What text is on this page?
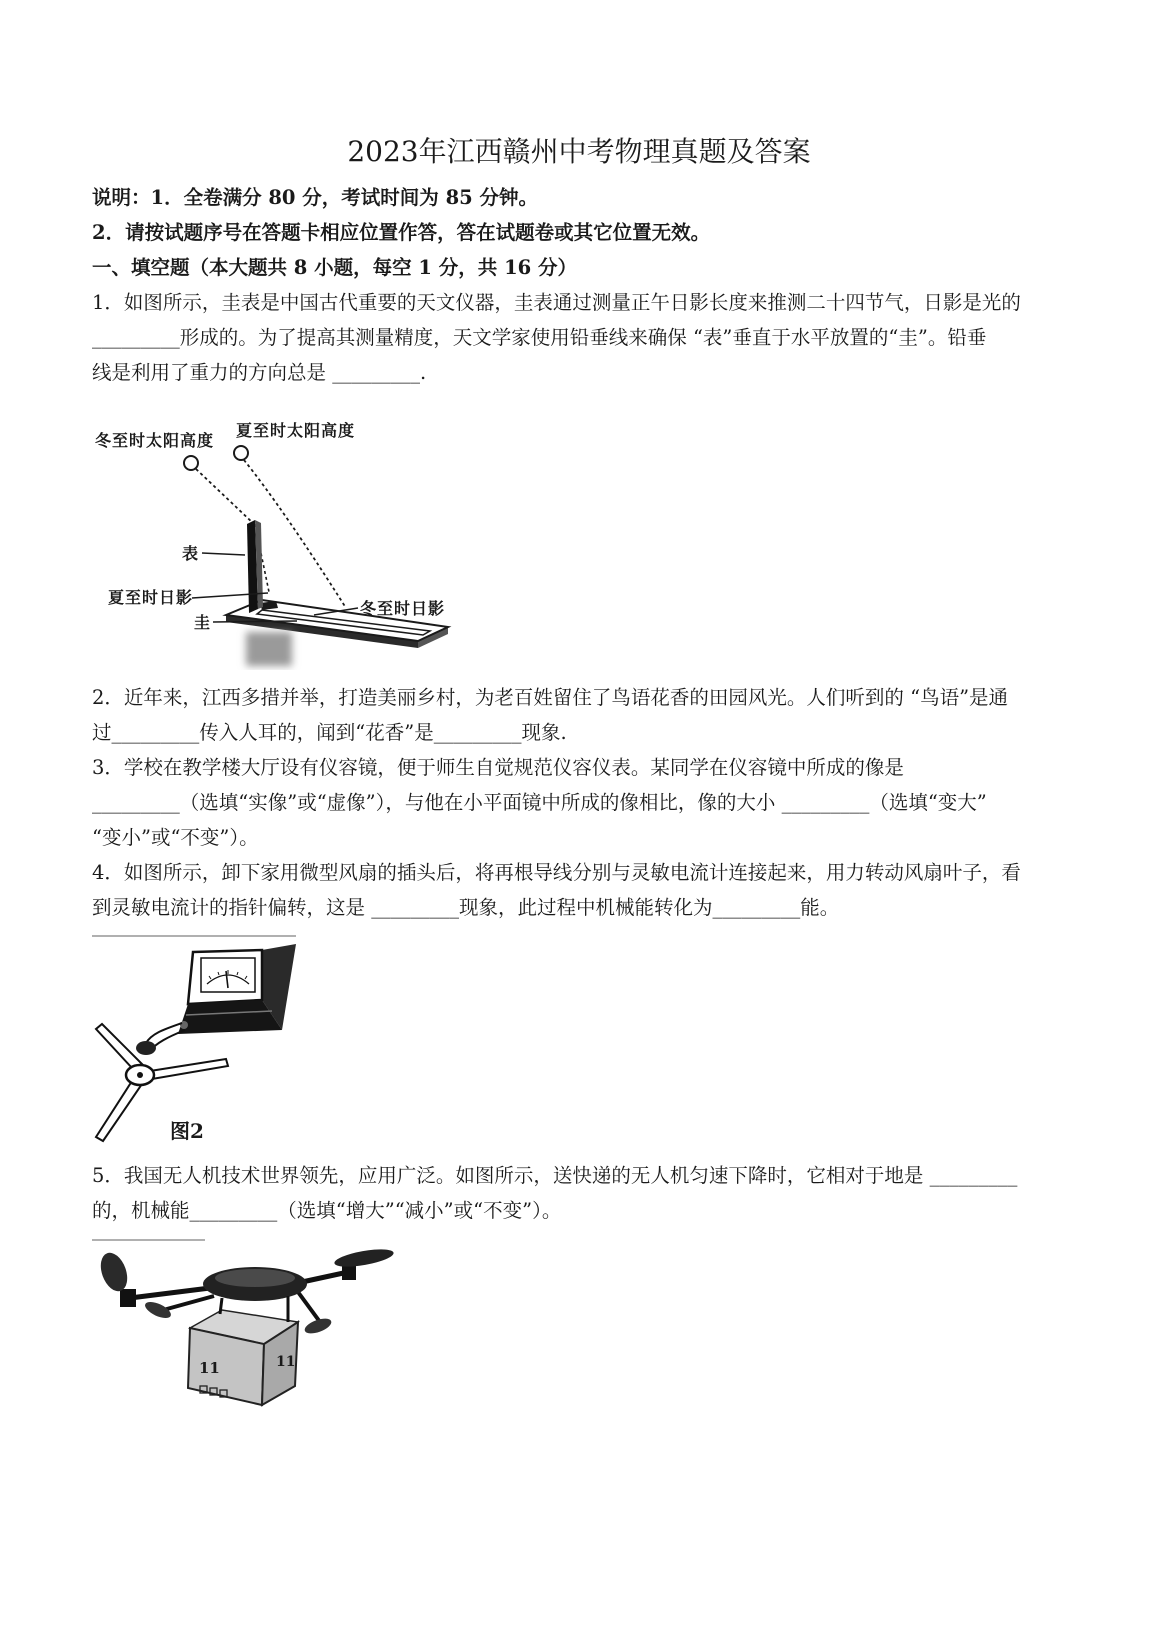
2023年江西赣州中考物理真题及答案
说明：1．全卷满分 80 分，考试时间为 85 分钟。
2．请按试题序号在答题卡相应位置作答，答在试题卷或其它位置无效。
一、填空题（本大题共 8 小题，每空 1 分，共 16 分）
1．如图所示，圭表是中国古代重要的天文仪器，圭表通过测量正午日影长度来推测二十四节气，日影是光的
_________形成的。为了提高其测量精度，天文学家使用铅垂线来确保 “表”垂直于水平放置的“圭”。铅垂
线是利用了重力的方向总是 _________.
冬至时太阳高度
夏至时太阳高度
表
夏至时日影
冬至时日影
圭
2．近年来，江西多措并举，打造美丽乡村，为老百姓留住了鸟语花香的田园风光。人们听到的 “鸟语”是通
过_________传入人耳的，闻到“花香”是_________现象.
3．学校在教学楼大厅设有仪容镜，便于师生自觉规范仪容仪表。某同学在仪容镜中所成的像是
_________（选填“实像”或“虚像”），与他在小平面镜中所成的像相比，像的大小 _________（选填“变大”
“变小”或“不变”）。
4．如图所示，卸下家用微型风扇的插头后，将再根导线分别与灵敏电流计连接起来，用力转动风扇叶子，看
到灵敏电流计的指针偏转，这是 _________现象，此过程中机械能转化为_________能。
图2
5．我国无人机技术世界领先，应用广泛。如图所示，送快递的无人机匀速下降时，它相对于地是 _________
的，机械能_________（选填“增大”“减小”或“不变”）。
11	11
